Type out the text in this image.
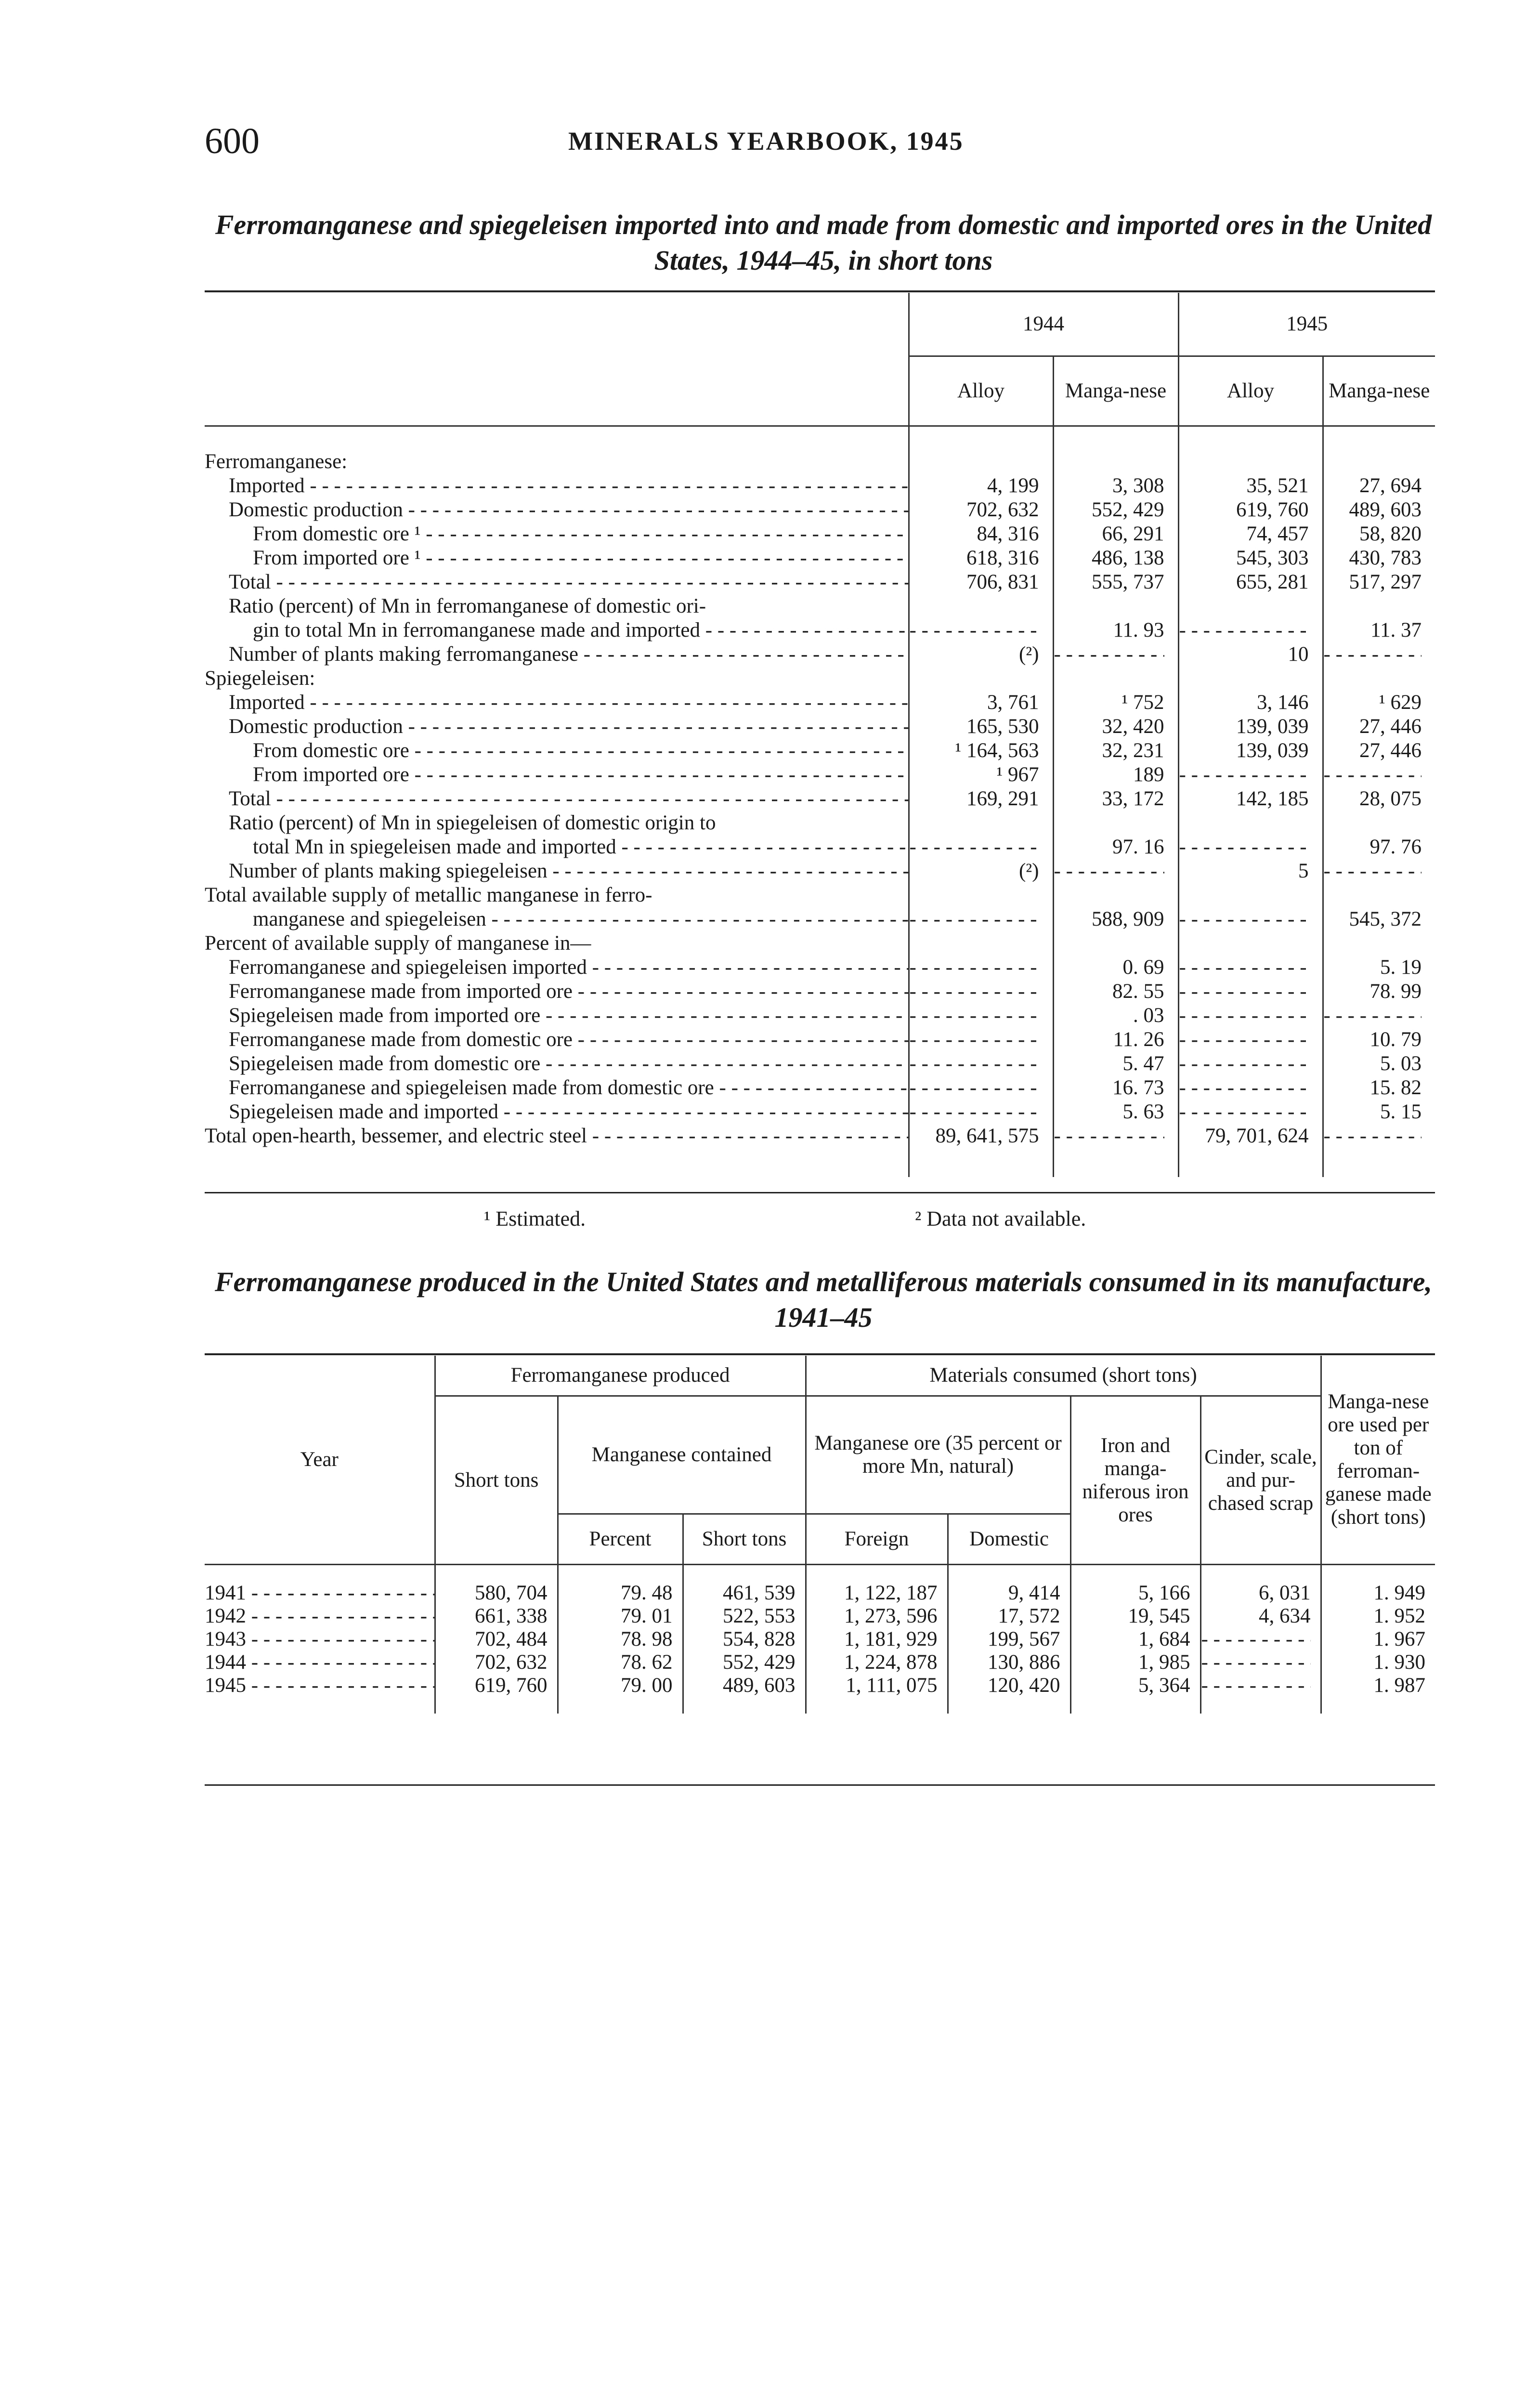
600	MINERALS YEARBOOK, 1945
Ferromanganese and spiegeleisen imported into and made from domestic and imported ores in the United States, 1944–45, in short tons
	1944		1945	
	Alloy	Manga-nese	Alloy	Manga-nese

Ferromanganese:				
Imported - - -	4, 199	3, 308	35, 521	27, 694
Domestic production - - -	702, 632	552, 429	619, 760	489, 603
From domestic ore ¹ - - -	84, 316	66, 291	74, 457	58, 820
From imported ore ¹ - - -	618, 316	486, 138	545, 303	430, 783
Total - - -	706, 831	555, 737	655, 281	517, 297
Ratio (percent) of Mn in ferromanganese of domestic ori-				
gin to total Mn in ferromanganese made and imported - - -	- - -	11. 93	- - -	11. 37
Number of plants making ferromanganese - - -	(²)	- - -	10	- - -
Spiegeleisen:				
Imported - - -	3, 761	¹ 752	3, 146	¹ 629
Domestic production - - -	165, 530	32, 420	139, 039	27, 446
From domestic ore - - -	¹ 164, 563	32, 231	139, 039	27, 446
From imported ore - - -	¹ 967	189	- - -	- - -
Total - - -	169, 291	33, 172	142, 185	28, 075
Ratio (percent) of Mn in spiegeleisen of domestic origin to				
total Mn in spiegeleisen made and imported - - -	- - -	97. 16	- - -	97. 76
Number of plants making spiegeleisen - - -	(²)	- - -	5	- - -
Total available supply of metallic manganese in ferro-				
manganese and spiegeleisen - - -	- - -	588, 909	- - -	545, 372
Percent of available supply of manganese in—				
Ferromanganese and spiegeleisen imported - - -	- - -	0. 69	- - -	5. 19
Ferromanganese made from imported ore - - -	- - -	82. 55	- - -	78. 99
Spiegeleisen made from imported ore - - -	- - -	. 03	- - -	- - -
Ferromanganese made from domestic ore - - -	- - -	11. 26	- - -	10. 79
Spiegeleisen made from domestic ore - - -	- - -	5. 47	- - -	5. 03
Ferromanganese and spiegeleisen made from domestic ore - - -	- - -	16. 73	- - -	15. 82
Spiegeleisen made and imported - - -	- - -	5. 63	- - -	5. 15
Total open-hearth, bessemer, and electric steel - - -	89, 641, 575	- - -	79, 701, 624	- - -

¹ Estimated.	² Data not available.
Ferromanganese produced in the United States and metalliferous materials consumed in its manufacture, 1941–45
Year	Ferromanganese produced			Materials consumed (short tons)				Manga-nese ore used per ton of ferroman-ganese made (short tons)
	Short tons	Manganese contained		Manganese ore (35 percent or more Mn, natural)		Iron and manga-niferous iron ores	Cinder, scale, and pur-chased scrap	
		Percent	Short tons	Foreign	Domestic			

1941 - - -	580, 704	79. 48	461, 539	1, 122, 187	9, 414	5, 166	6, 031	1. 949
1942 - - -	661, 338	79. 01	522, 553	1, 273, 596	17, 572	19, 545	4, 634	1. 952
1943 - - -	702, 484	78. 98	554, 828	1, 181, 929	199, 567	1, 684	- - -	1. 967
1944 - - -	702, 632	78. 62	552, 429	1, 224, 878	130, 886	1, 985	- - -	1. 930
1945 - - -	619, 760	79. 00	489, 603	1, 111, 075	120, 420	5, 364	- - -	1. 987
